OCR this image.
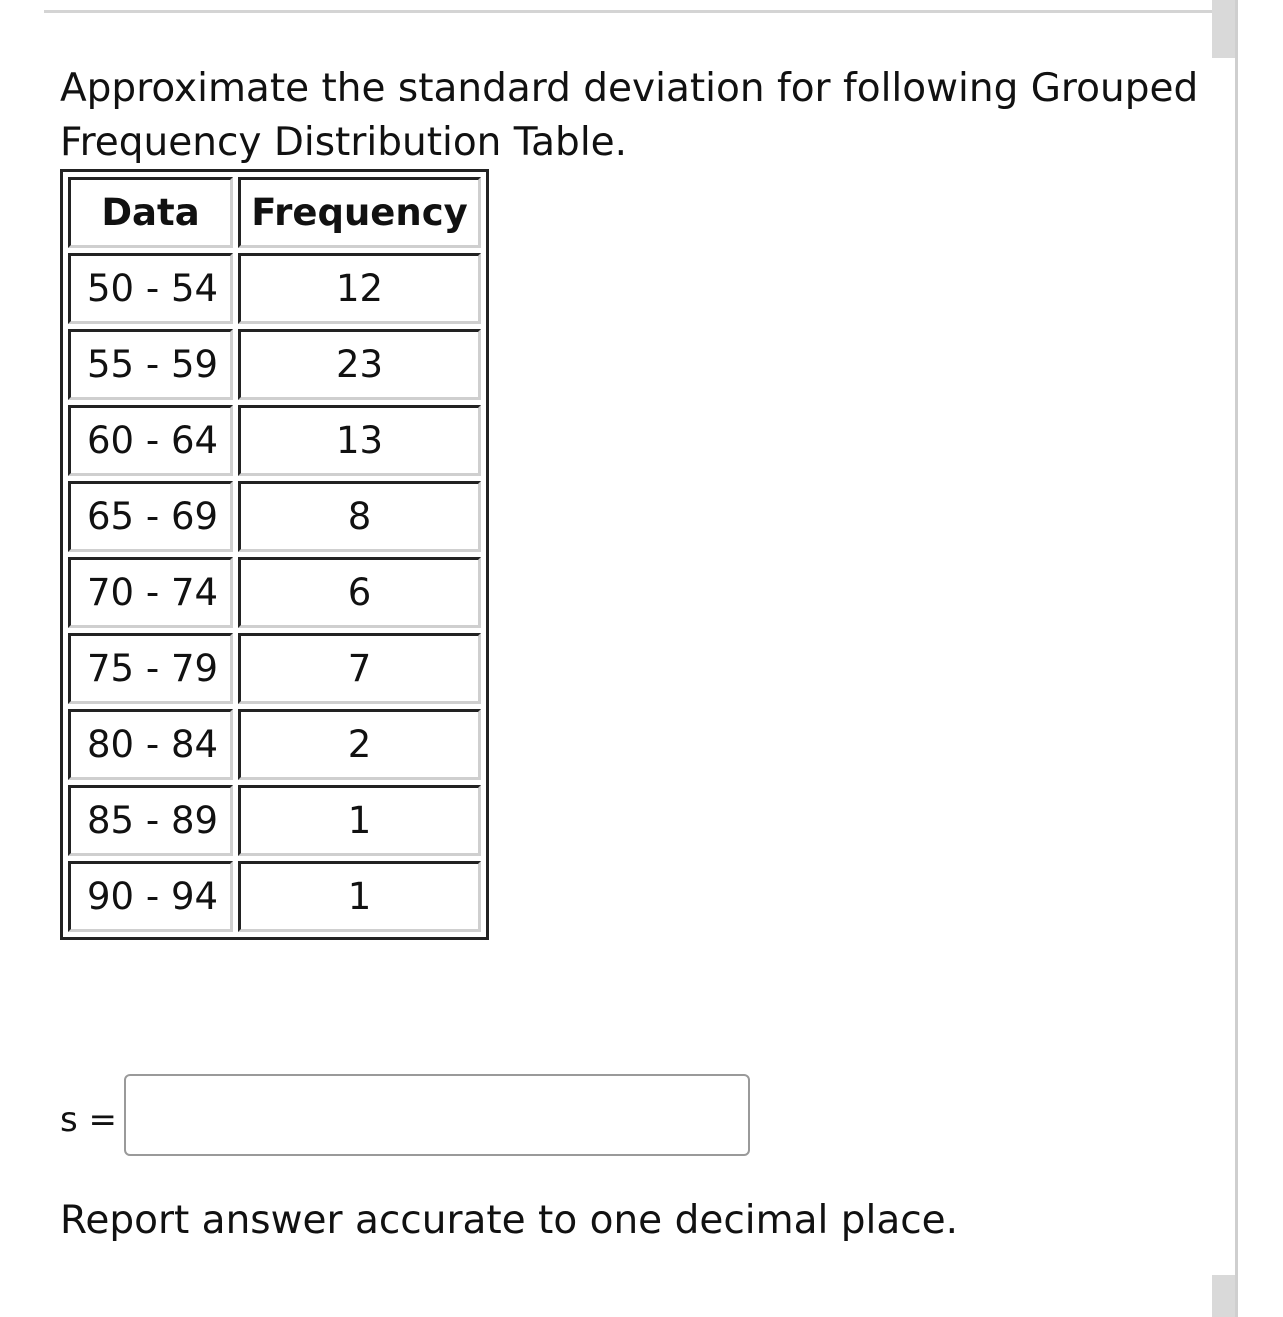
Approximate the standard deviation for following Grouped Frequency Distribution Table.
Data	Frequency
50 - 54	12
55 - 59	23
60 - 64	13
65 - 69	8
70 - 74	6
75 - 79	7
80 - 84	2
85 - 89	1
90 - 94	1
s =
Report answer accurate to one decimal place.
